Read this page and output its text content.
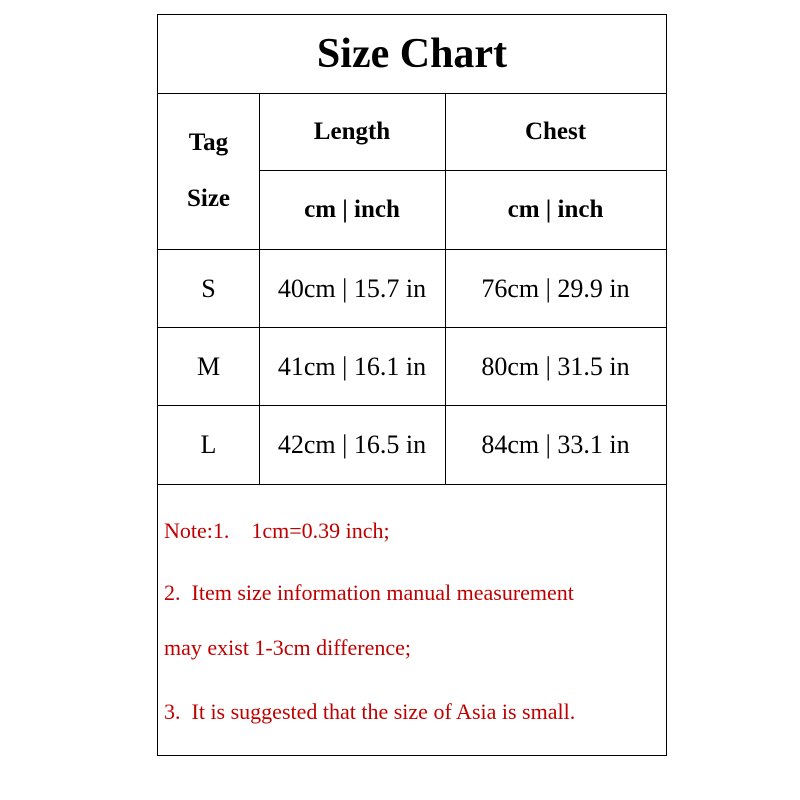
Size Chart
Tag
Size
Length	Chest
cm | inch	cm | inch
S	40cm | 15.7 in	76cm | 29.9 in
M	41cm | 16.1 in	80cm | 31.5 in
L	42cm | 16.5 in	84cm | 33.1 in
Note:1.    1cm=0.39 inch;
2.  Item size information manual measurement
may exist 1-3cm difference;
3.  It is suggested that the size of Asia is small.
